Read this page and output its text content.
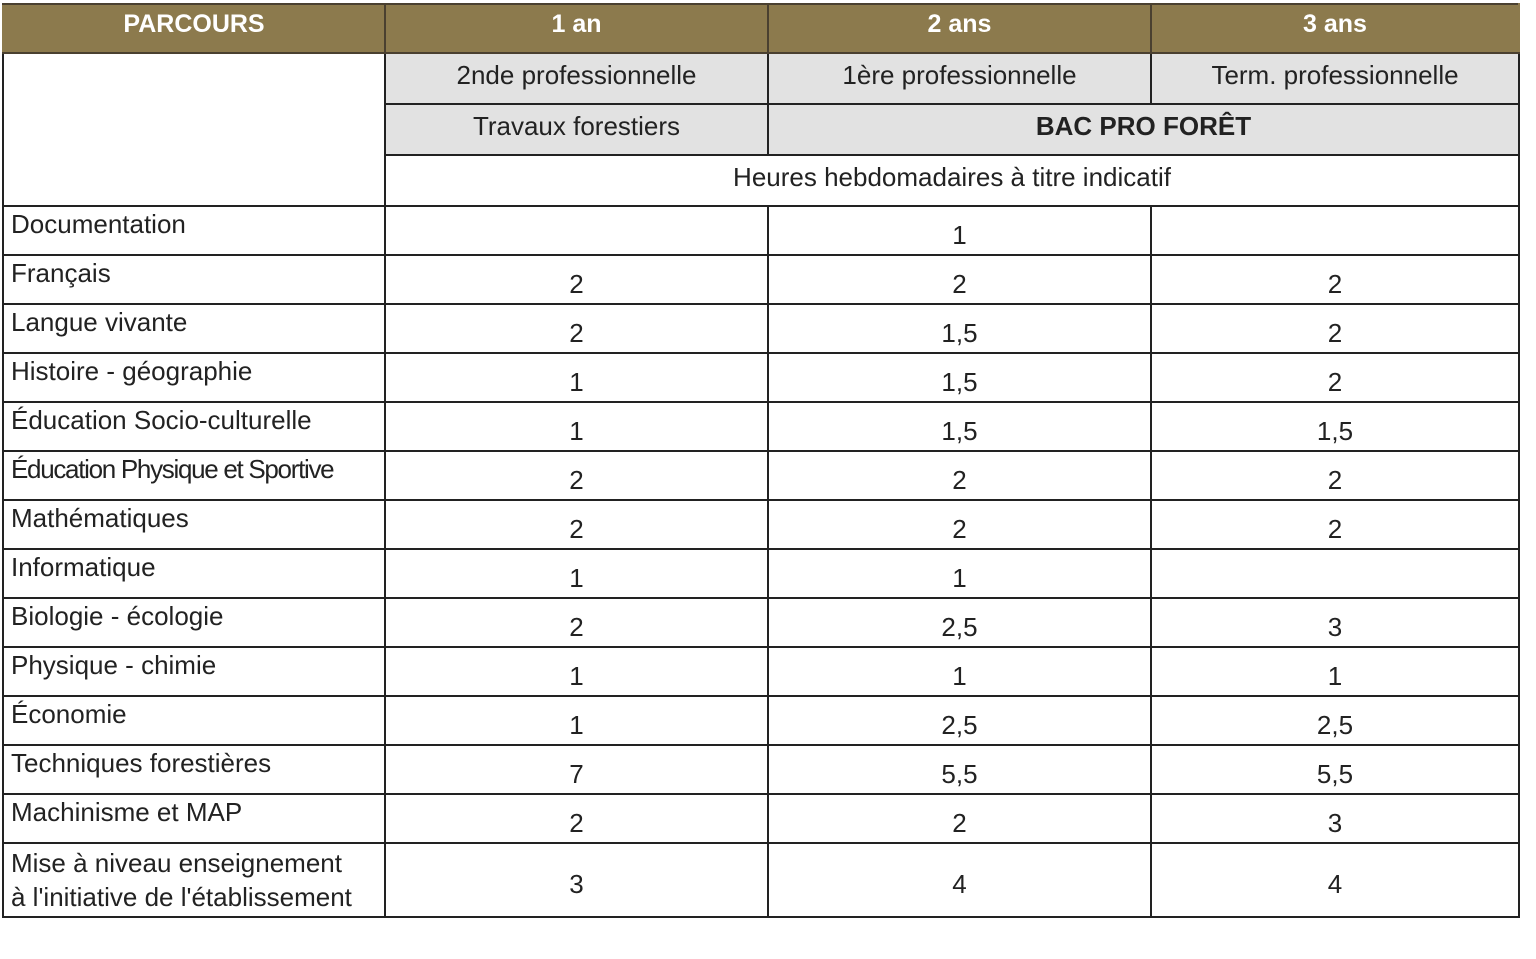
PARCOURS	1 an	2 ans	3 ans
	2nde professionnelle	1ère professionnelle	Term. professionnelle
	Travaux forestiers	BAC PRO FORÊT	
	Heures hebdomadaires à titre indicatif		
Documentation		1	
Français	2	2	2
Langue vivante	2	1,5	2
Histoire - géographie	1	1,5	2
Éducation Socio-culturelle	1	1,5	1,5
Éducation Physique et Sportive	2	2	2
Mathématiques	2	2	2
Informatique	1	1	
Biologie - écologie	2	2,5	3
Physique - chimie	1	1	1
Économie	1	2,5	2,5
Techniques forestières	7	5,5	5,5
Machinisme et MAP	2	2	3
Mise à niveau enseignement
à l'initiative de l'établissement	3	4	4
